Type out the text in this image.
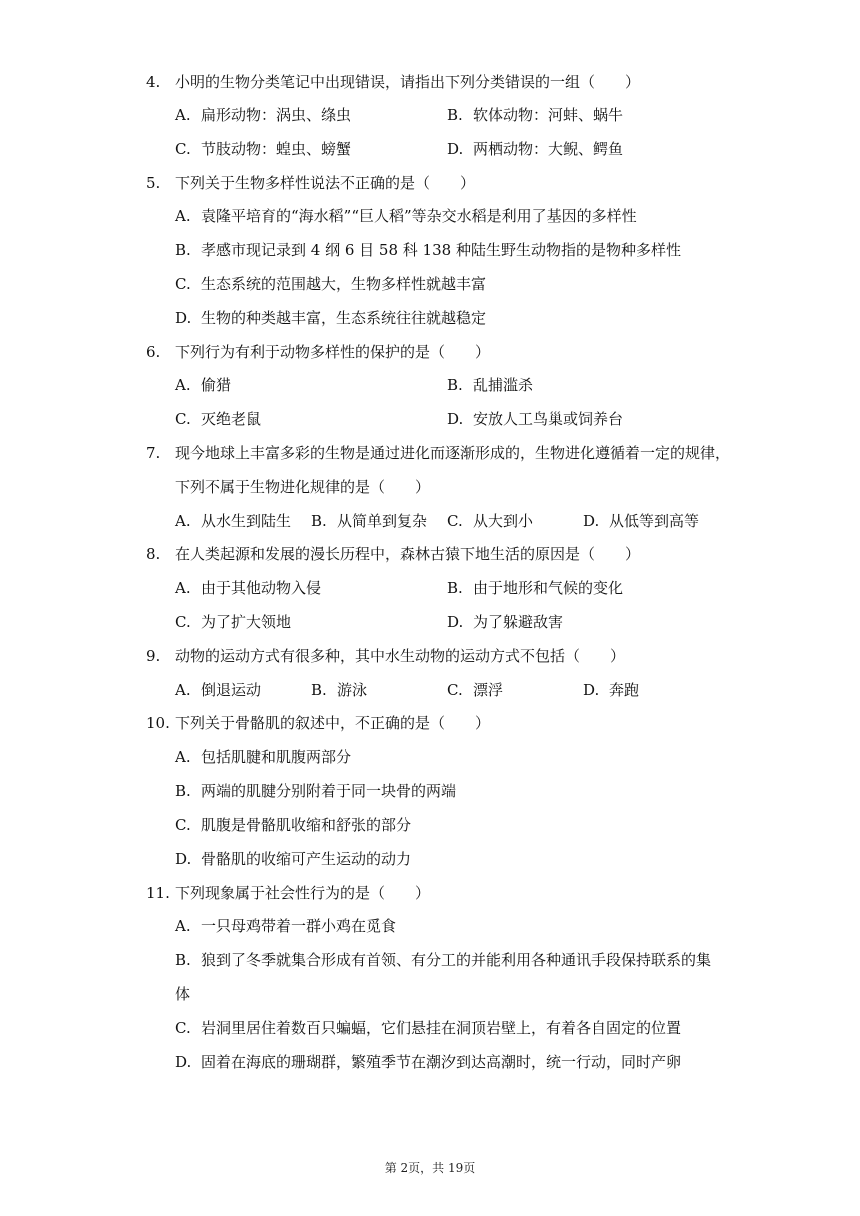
4. 小明的生物分类笔记中出现错误，请指出下列分类错误的一组（　　）
A. 扁形动物：涡虫、绦虫	B. 软体动物：河蚌、蜗牛
C. 节肢动物：蝗虫、螃蟹	D. 两栖动物：大鲵、鳄鱼
5. 下列关于生物多样性说法不正确的是（　　）
A. 袁隆平培育的“海水稻”“巨人稻”等杂交水稻是利用了基因的多样性
B. 孝感市现记录到 4 纲 6 目 58 科 138 种陆生野生动物指的是物种多样性
C. 生态系统的范围越大，生物多样性就越丰富
D. 生物的种类越丰富，生态系统往往就越稳定
6. 下列行为有利于动物多样性的保护的是（　　）
A. 偷猎	B. 乱捕滥杀
C. 灭绝老鼠	D. 安放人工鸟巢或饲养台
7. 现今地球上丰富多彩的生物是通过进化而逐渐形成的，生物进化遵循着一定的规律，
下列不属于生物进化规律的是（　　）
A. 从水生到陆生 B. 从简单到复杂 C. 从大到小	D. 从低等到高等
8. 在人类起源和发展的漫长历程中，森林古猿下地生活的原因是（　　）
A. 由于其他动物入侵	B. 由于地形和气候的变化
C. 为了扩大领地	D. 为了躲避敌害
9. 动物的运动方式有很多种，其中水生动物的运动方式不包括（　　）
A. 倒退运动	B. 游泳	C. 漂浮	D. 奔跑
10. 下列关于骨骼肌的叙述中，不正确的是（　　）
A. 包括肌腱和肌腹两部分
B. 两端的肌腱分别附着于同一块骨的两端
C. 肌腹是骨骼肌收缩和舒张的部分
D. 骨骼肌的收缩可产生运动的动力
11. 下列现象属于社会性行为的是（　　）
A. 一只母鸡带着一群小鸡在觅食
B. 狼到了冬季就集合形成有首领、有分工的并能利用各种通讯手段保持联系的集
体
C. 岩洞里居住着数百只蝙蝠，它们悬挂在洞顶岩壁上，有着各自固定的位置
D. 固着在海底的珊瑚群，繁殖季节在潮汐到达高潮时，统一行动，同时产卵
第 2页，共 19页
